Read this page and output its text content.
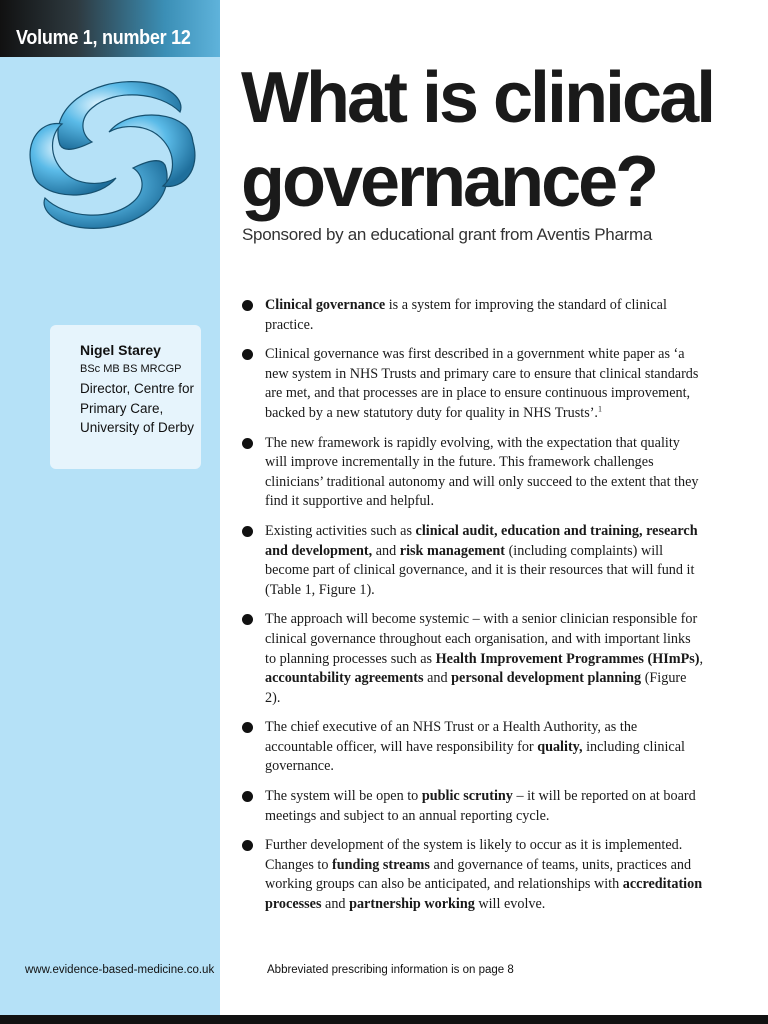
Volume 1, number 12
Nigel Starey
BSc MB BS MRCGP
Director, Centre for Primary Care, University of Derby
www.evidence-based-medicine.co.uk
What is clinical governance?
Sponsored by an educational grant from Aventis Pharma
Clinical governance is a system for improving the standard of clinical practice.
Clinical governance was first described in a government white paper as ‘a new system in NHS Trusts and primary care to ensure that clinical standards are met, and that processes are in place to ensure continuous improvement, backed by a new statutory duty for quality in NHS Trusts’.$^1$
The new framework is rapidly evolving, with the expectation that quality will improve incrementally in the future. This framework challenges clinicians’ traditional autonomy and will only succeed to the extent that they find it supportive and helpful.
Existing activities such as clinical audit, education and training, research and development, and risk management (including complaints) will become part of clinical governance, and it is their resources that will fund it (Table 1, Figure 1).
The approach will become systemic – with a senior clinician responsible for clinical governance throughout each organisation, and with important links to planning processes such as Health Improvement Programmes (HImPs), accountability agreements and personal development planning (Figure 2).
The chief executive of an NHS Trust or a Health Authority, as the accountable officer, will have responsibility for quality, including clinical governance.
The system will be open to public scrutiny – it will be reported on at board meetings and subject to an annual reporting cycle.
Further development of the system is likely to occur as it is implemented. Changes to funding streams and governance of teams, units, practices and working groups can also be anticipated, and relationships with accreditation processes and partnership working will evolve.
Abbreviated prescribing information is on page 8
